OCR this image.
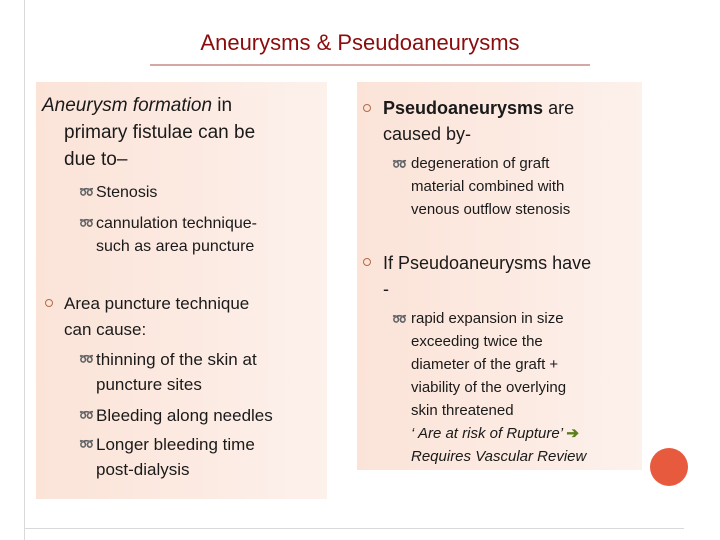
Aneurysms & Pseudoaneurysms
Aneurysm formation in
primary fistulae can be
due to–
➿ Stenosis
➿ cannulation technique-
such as area puncture
Area puncture technique
can cause:
➿ thinning of the skin at
puncture sites
➿ Bleeding along needles
➿ Longer bleeding time
post-dialysis
Pseudoaneurysms are
caused by-
➿ degeneration of graft
material combined with
venous outflow stenosis
If Pseudoaneurysms have
-
➿ rapid expansion in size
exceeding twice the
diameter of the graft +
viability of the overlying
skin threatened
‘ Are at risk of Rupture’ ➔
Requires Vascular Review
